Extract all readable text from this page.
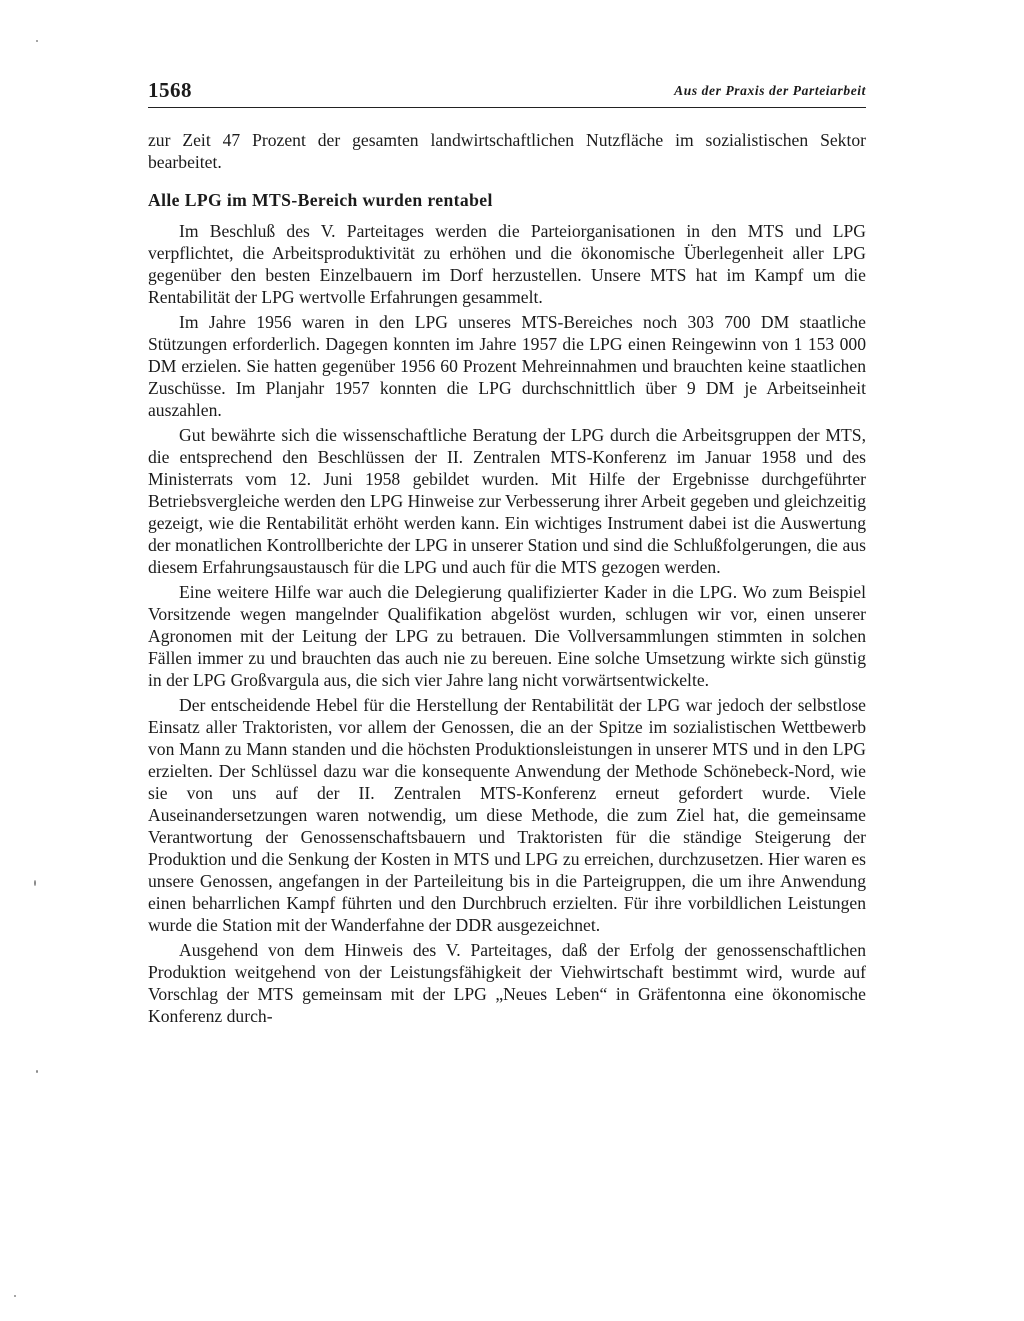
1568	Aus der Praxis der Parteiarbeit

zur Zeit 47 Prozent der gesamten landwirtschaftlichen Nutzfläche im sozialistischen Sektor bearbeitet.

Alle LPG im MTS-Bereich wurden rentabel

Im Beschluß des V. Parteitages werden die Parteiorganisationen in den MTS und LPG verpflichtet, die Arbeitsproduktivität zu erhöhen und die ökonomische Überlegenheit aller LPG gegenüber den besten Einzelbauern im Dorf herzustellen. Unsere MTS hat im Kampf um die Rentabilität der LPG wertvolle Erfahrungen gesammelt.

Im Jahre 1956 waren in den LPG unseres MTS-Bereiches noch 303 700 DM staatliche Stützungen erforderlich. Dagegen konnten im Jahre 1957 die LPG einen Reingewinn von 1 153 000 DM erzielen. Sie hatten gegenüber 1956 60 Prozent Mehreinnahmen und brauchten keine staatlichen Zuschüsse. Im Planjahr 1957 konnten die LPG durchschnittlich über 9 DM je Arbeitseinheit auszahlen.

Gut bewährte sich die wissenschaftliche Beratung der LPG durch die Arbeitsgruppen der MTS, die entsprechend den Beschlüssen der II. Zentralen MTS-Konferenz im Januar 1958 und des Ministerrats vom 12. Juni 1958 gebildet wurden. Mit Hilfe der Ergebnisse durchgeführter Betriebsvergleiche werden den LPG Hinweise zur Verbesserung ihrer Arbeit gegeben und gleichzeitig gezeigt, wie die Rentabilität erhöht werden kann. Ein wichtiges Instrument dabei ist die Auswertung der monatlichen Kontrollberichte der LPG in unserer Station und sind die Schlußfolgerungen, die aus diesem Erfahrungsaustausch für die LPG und auch für die MTS gezogen werden.

Eine weitere Hilfe war auch die Delegierung qualifizierter Kader in die LPG. Wo zum Beispiel Vorsitzende wegen mangelnder Qualifikation abgelöst wurden, schlugen wir vor, einen unserer Agronomen mit der Leitung der LPG zu betrauen. Die Vollversammlungen stimmten in solchen Fällen immer zu und brauchten das auch nie zu bereuen. Eine solche Umsetzung wirkte sich günstig in der LPG Großvargula aus, die sich vier Jahre lang nicht vorwärtsentwickelte.

Der entscheidende Hebel für die Herstellung der Rentabilität der LPG war jedoch der selbstlose Einsatz aller Traktoristen, vor allem der Genossen, die an der Spitze im sozialistischen Wettbewerb von Mann zu Mann standen und die höchsten Produktionsleistungen in unserer MTS und in den LPG erzielten. Der Schlüssel dazu war die konsequente Anwendung der Methode Schönebeck-Nord, wie sie von uns auf der II. Zentralen MTS-Konferenz erneut gefordert wurde. Viele Auseinandersetzungen waren notwendig, um diese Methode, die zum Ziel hat, die gemeinsame Verantwortung der Genossenschaftsbauern und Traktoristen für die ständige Steigerung der Produktion und die Senkung der Kosten in MTS und LPG zu erreichen, durchzusetzen. Hier waren es unsere Genossen, angefangen in der Parteileitung bis in die Parteigruppen, die um ihre Anwendung einen beharrlichen Kampf führten und den Durchbruch erzielten. Für ihre vorbildlichen Leistungen wurde die Station mit der Wanderfahne der DDR ausgezeichnet.

Ausgehend von dem Hinweis des V. Parteitages, daß der Erfolg der genossenschaftlichen Produktion weitgehend von der Leistungsfähigkeit der Viehwirtschaft bestimmt wird, wurde auf Vorschlag der MTS gemeinsam mit der LPG „Neues Leben“ in Gräfentonna eine ökonomische Konferenz durch-
